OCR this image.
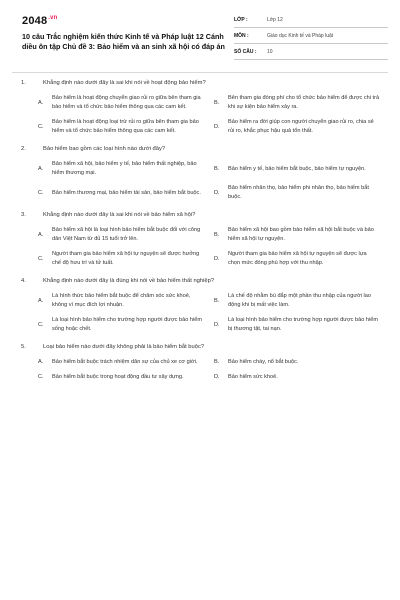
$2048^{.vn}$
10 câu Trắc nghiệm kiến thức Kinh tế và Pháp luật 12 Cánh diều ôn tập Chủ đề 3: Bảo hiểm và an sinh xã hội có đáp án
LỚP :	Lớp 12
MÔN :	Giáo dục Kinh tế và Pháp luật
SỐ CÂU :	10
1.	Khẳng định nào dưới đây là sai khi nói về hoạt động bảo hiểm?
A.
Bảo hiểm là hoạt động chuyển giao rủi ro giữa bên tham gia bảo hiểm và tổ chức bảo hiểm thông qua các cam kết.
B.
Bên tham gia đóng phí cho tổ chức bảo hiểm để được chi trả khi sự kiện bảo hiểm xảy ra.
C.
Bảo hiểm là hoạt động loại trừ rủi ro giữa bên tham gia bảo hiểm và tổ chức bảo hiểm thông qua các cam kết.
D.
Bảo hiểm ra đời giúp con người chuyển giao rủi ro, chia sẻ rủi ro, khắc phục hậu quả tổn thất.
2.	Bảo hiểm bao gồm các loại hình nào dưới đây?
A.
Bảo hiểm xã hội, bảo hiểm y tế, bảo hiểm thất nghiệp, bảo hiểm thương mại.
B.	Bảo hiểm y tế, bảo hiểm bắt buộc, bảo hiểm tự nguyện.
C.	Bảo hiểm thương mại, bảo hiểm tài sản, bảo hiểm bắt buộc.	D.
Bảo hiểm nhân thọ, bảo hiểm phi nhân thọ, bảo hiểm bắt buộc.
3.	Khẳng định nào dưới đây là sai khi nói về bảo hiểm xã hội?
A.
Bảo hiểm xã hội là loại hình bảo hiểm bắt buộc đối với công dân Việt Nam từ đủ 15 tuổi trở lên.
B.
Bảo hiểm xã hội bao gồm bảo hiểm xã hội bắt buộc và bảo hiểm xã hội tự nguyện.
C.
Người tham gia bảo hiểm xã hội tự nguyện sẽ được hưởng chế độ hưu trí và tử tuất.
D.
Người tham gia bảo hiểm xã hội tự nguyện sẽ được lựa chọn mức đóng phù hợp với thu nhập.
4.	Khẳng định nào dưới đây là đúng khi nói về bảo hiểm thất nghiệp?
A.
Là hình thức bảo hiểm bắt buộc để chăm sóc sức khoẻ, không vì mục đích lợi nhuận.
B.
Là chế độ nhằm bù đắp một phần thu nhập của người lao động khi bị mất việc làm.
C.
Là loại hình bảo hiểm cho trường hợp người được bảo hiểm sống hoặc chết.
D.
Là loại hình bảo hiểm cho trường hợp người được bảo hiểm bị thương tật, tai nạn.
5.	Loại bảo hiểm nào dưới đây không phải là bảo hiểm bắt buộc?
A.	Bảo hiểm bắt buộc trách nhiệm dân sự của chủ xe cơ giới.	B.	Bảo hiểm cháy, nổ bắt buộc.
C.	Bảo hiểm bắt buộc trong hoạt động đầu tư xây dựng.	D.	Bảo hiểm sức khoẻ.
